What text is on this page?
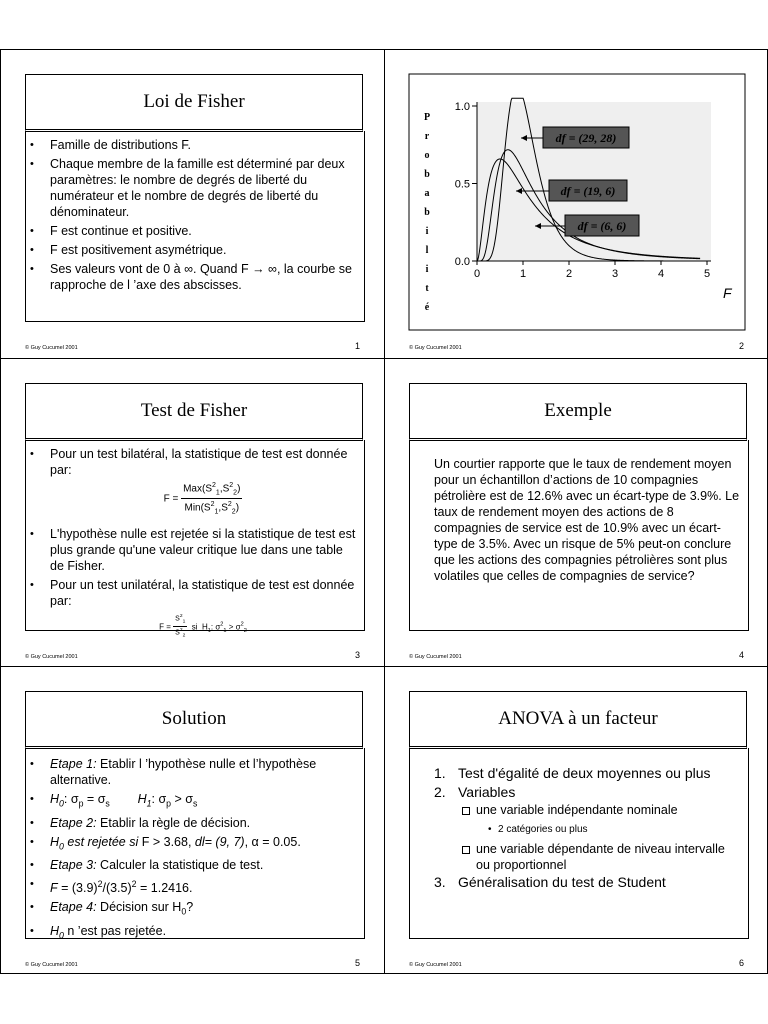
Loi de Fisher
• Famille de distributions F.
• Chaque membre de la famille est déterminé par deux paramètres: le nombre de degrés de liberté du numérateur et le nombre de degrés de liberté du dénominateur.
• F est continue et positive.
• F est positivement asymétrique.
• Ses valeurs vont de 0 à ∞. Quand F → ∞, la courbe se rapproche de l ’axe des abscisses.
© Guy Cucumel 2001	1
P
r
o
b
a
b
i
l
i
t
é
1.0
0.5
0.0
0	1	2	3	4	5
df = (29, 28)
df = (19, 6)
df = (6, 6)
F
© Guy Cucumel 2001	2
Test de Fisher
• Pour un test bilatéral, la statistique de test est donnée par:
$F = \frac{Max(S^2_1,S^2_2)}{Min(S^2_1,S^2_2)}$
• L'hypothèse nulle est rejetée si la statistique de test est plus grande qu'une valeur critique lue dans une table de Fisher.
• Pour un test unilatéral, la statistique de test est donnée par:
$F = \frac{S^2_1}{S^2_2}$ si  $H_1$: $\sigma^2_1 > \sigma^2_2$
© Guy Cucumel 2001	3
Exemple
Un courtier rapporte que le taux de rendement moyen pour un échantillon d’actions de 10 compagnies pétrolière est de 12.6% avec un écart-type de 3.9%. Le taux de rendement moyen des actions de 8 compagnies de service est de 10.9% avec un écart-type de 3.5%. Avec un risque de 5% peut-on conclure que les actions des compagnies pétrolières sont plus volatiles que celles de compagnies de service?
© Guy Cucumel 2001	4
Solution
• Etape 1: Etablir l ’hypothèse nulle et l’hypothèse alternative.
• $H_0$: $\sigma_p = \sigma_s$ $H_1$: $\sigma_p > \sigma_s$
• Etape 2: Etablir la règle de décision.
• $H_0$ est rejetée si F > 3.68, dl= (9, 7), α = 0.05.
• Etape 3: Calculer la statistique de test.
• $F = (3.9)^2/(3.5)^2 = 1.2416$.
• Etape 4: Décision sur $H_0$?
• $H_0$ n ’est pas rejetée.
© Guy Cucumel 2001	5
ANOVA à un facteur
1. Test d'égalité de deux moyennes ou plus
2. Variables
une variable indépendante nominale
• 2 catégories ou plus
une variable dépendante de niveau intervalle ou proportionnel
3. Généralisation du test de Student
© Guy Cucumel 2001	6
